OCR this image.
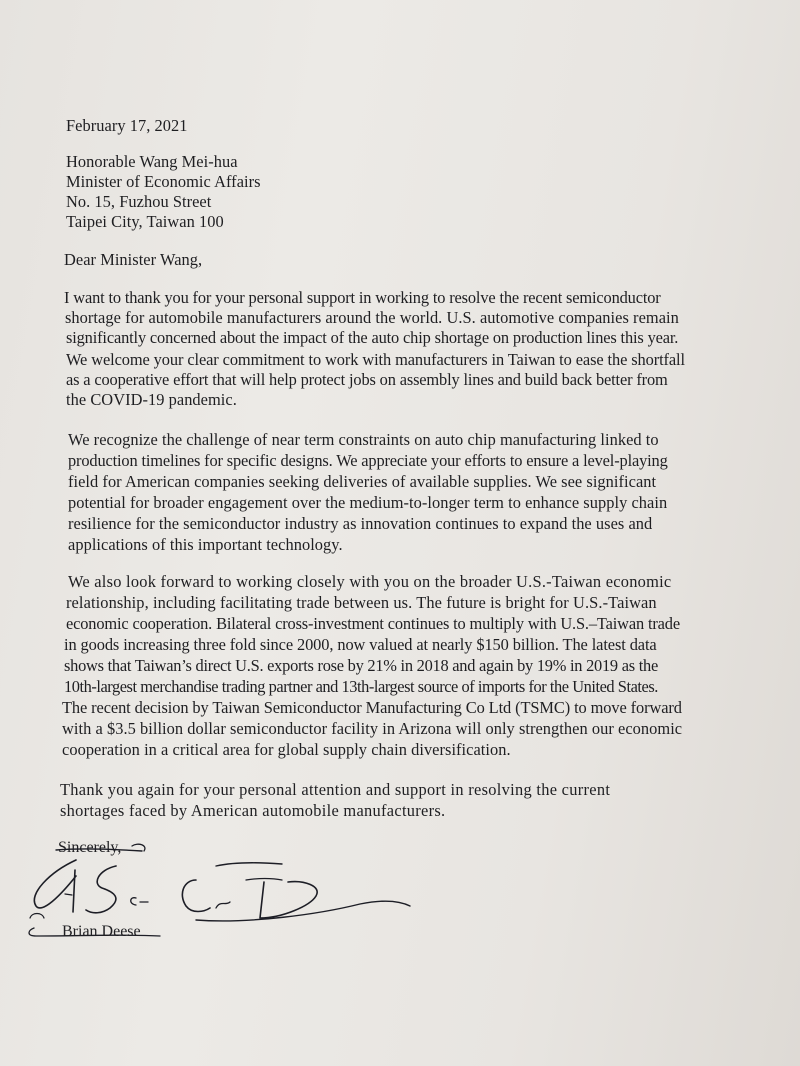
February 17, 2021

Honorable Wang Mei-hua

Minister of Economic Affairs

No. 15, Fuzhou Street

Taipei City, Taiwan 100

Dear Minister Wang,

I want to thank you for your personal support in working to resolve the recent semiconductor

shortage for automobile manufacturers around the world. U.S. automotive companies remain

significantly concerned about the impact of the auto chip shortage on production lines this year.

We welcome your clear commitment to work with manufacturers in Taiwan to ease the shortfall

as a cooperative effort that will help protect jobs on assembly lines and build back better from

the COVID-19 pandemic.

We recognize the challenge of near term constraints on auto chip manufacturing linked to

production timelines for specific designs. We appreciate your efforts to ensure a level-playing

field for American companies seeking deliveries of available supplies. We see significant

potential for broader engagement over the medium-to-longer term to enhance supply chain

resilience for the semiconductor industry as innovation continues to expand the uses and

applications of this important technology.

We also look forward to working closely with you on the broader U.S.-Taiwan economic

relationship, including facilitating trade between us. The future is bright for U.S.-Taiwan

economic cooperation. Bilateral cross-investment continues to multiply with U.S.–Taiwan trade

in goods increasing three fold since 2000, now valued at nearly $150 billion. The latest data

shows that Taiwan’s direct U.S. exports rose by 21% in 2018 and again by 19% in 2019 as the

10th-largest merchandise trading partner and 13th-largest source of imports for the United States.

The recent decision by Taiwan Semiconductor Manufacturing Co Ltd (TSMC) to move forward

with a $3.5 billion dollar semiconductor facility in Arizona will only strengthen our economic

cooperation in a critical area for global supply chain diversification.

Thank you again for your personal attention and support in resolving the current

shortages faced by American automobile manufacturers.

Sincerely,

Brian Deese
